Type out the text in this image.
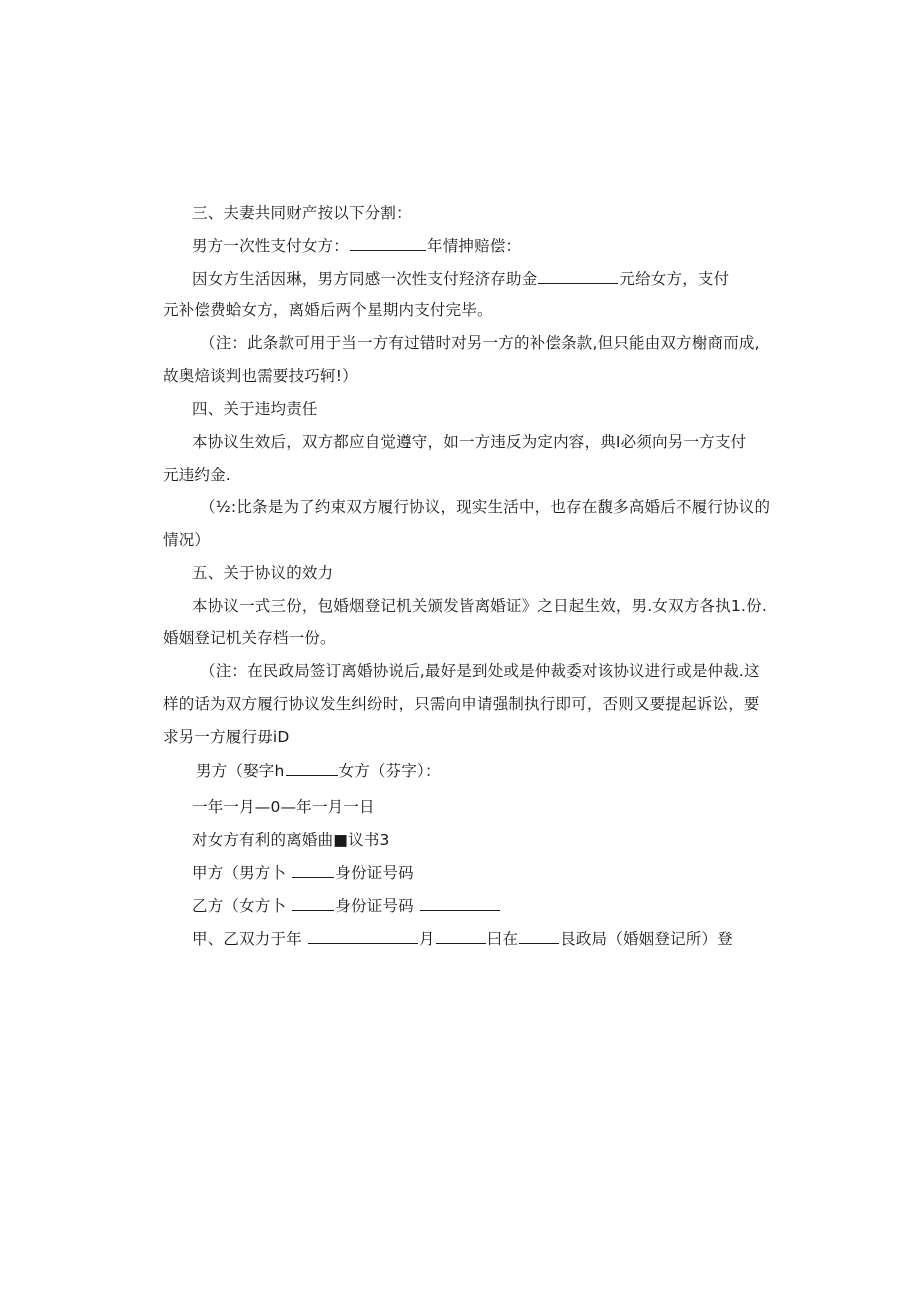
三、夫妻共同财产按以下分割：
男方一次性支付女方：	年情抻赔偿：
因女方生活因琳，男方同感一次性支付羟济存助金	元给女方，支付
元补偿费蛤女方，离婚后两个星期内支付完毕。
（注：此条款可用于当一方有过错时对另一方的补偿条款,但只能由双方榭商而成,
故奥焙谈判也需要技巧轲!）
四、关于违均责任
本协议生效后，双方都应自觉遵守，如一方违反为定内容，典I必须向另一方支付
元违约金.
（½:比条是为了约束双方履行协议，现实生活中，也存在馥多高婚后不履行协议的
情况）
五、关于协议的效力
本协议一式三份，包婚烟登记机关颁发皆离婚证》之日起生效，男.女双方各执1.份.
婚姻登记机关存档一份。
（注：在民政局签订离婚协说后,最好是到处或是仲裁委对该协议进行或是仲裁.这
样的话为双方履行协议发生纠纷时，只需向申请强制执行即可，否则又要提起诉讼，要
求另一方履行毋iD
男方（娶字h	女方（芬字）：
一年一月—0—年一月一日
对女方有利的离婚曲■议书3
甲方（男方卜	身份证号码
乙方（女方卜	身份证号码
甲、乙双力于年	月	曰在	艮政局（婚姻登记所）登
